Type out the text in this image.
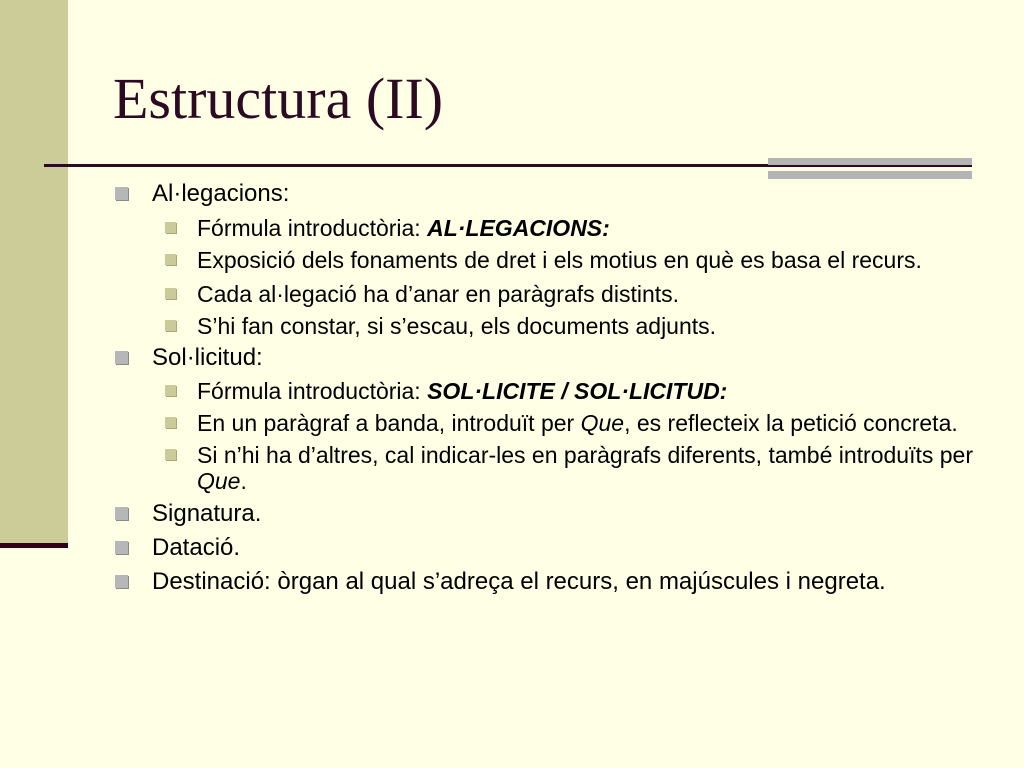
Estructura (II)
Al·legacions:
Fórmula introductòria: AL·LEGACIONS:
Exposició dels fonaments de dret i els motius en què es basa el recurs.
Cada al·legació ha d’anar en paràgrafs distints.
S’hi fan constar, si s’escau, els documents adjunts.
Sol·licitud:
Fórmula introductòria: SOL·LICITE / SOL·LICITUD:
En un paràgraf a banda, introduït per Que, es reflecteix la petició concreta.
Si n’hi ha d’altres, cal indicar-les en paràgrafs diferents, també introduïts per Que.
Signatura.
Datació.
Destinació: òrgan al qual s’adreça el recurs, en majúscules i negreta.
